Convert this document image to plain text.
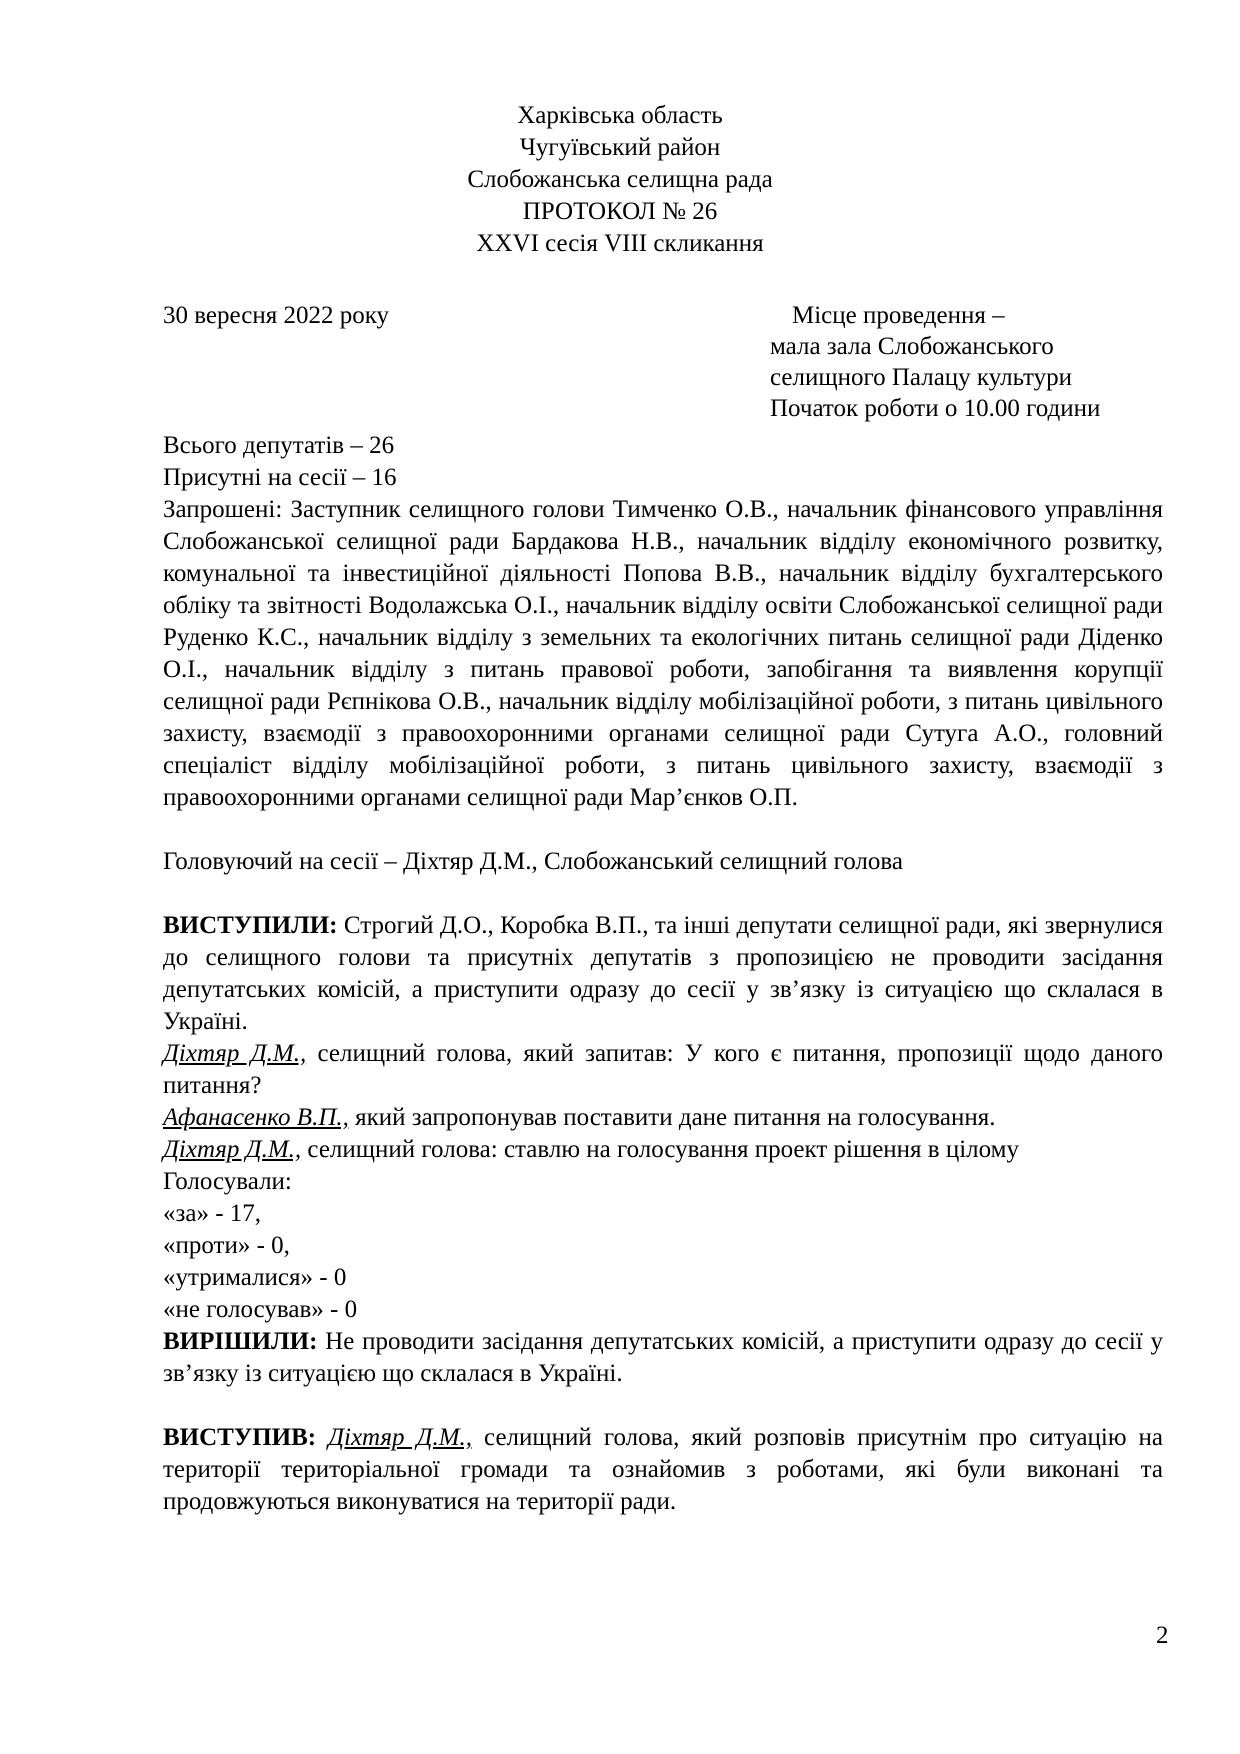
Харківська область
Чугуївський район
Слобожанська селищна рада
ПРОТОКОЛ № 26
XXVI сесія VIII скликання
30 вересня 2022 року	Місце проведення –
мала зала Слобожанського
селищного Палацу культури
Початок роботи о 10.00 години
Всього депутатів – 26
Присутні на сесії – 16

Запрошені: Заступник селищного голови Тимченко О.В., начальник фінансового управління Слобожанської селищної ради Бардакова Н.В., начальник відділу економічного розвитку, комунальної та інвестиційної діяльності Попова В.В., начальник відділу бухгалтерського обліку та звітності Водолажська О.І., начальник відділу освіти Слобожанської селищної ради Руденко К.С., начальник відділу з земельних та екологічних питань селищної ради Діденко О.І., начальник відділу з питань правової роботи, запобігання та виявлення корупції селищної ради Рєпнікова О.В., начальник відділу мобілізаційної роботи, з питань цивільного захисту, взаємодії з правоохоронними органами селищної ради Сутуга А.О., головний спеціаліст відділу мобілізаційної роботи, з питань цивільного захисту, взаємодії з правоохоронними органами селищної ради Мар’єнков О.П.

Головуючий на сесії – Діхтяр Д.М., Слобожанський селищний голова

ВИСТУПИЛИ: Строгий Д.О., Коробка В.П., та інші депутати селищної ради, які звернулися до селищного голови та присутніх депутатів з пропозицією не проводити засідання депутатських комісій, а приступити одразу до сесії у зв’язку із ситуацією що склалася в Україні.

Діхтяр Д.М., селищний голова, який запитав: У кого є питання, пропозиції щодо даного питання?

Афанасенко В.П., який запропонував поставити дане питання на голосування.

Діхтяр Д.М., селищний голова: ставлю на голосування проект рішення в цілому

Голосували:
«за» - 17,
«проти» - 0,
«утрималися» - 0
«не голосував» - 0

ВИРІШИЛИ: Не проводити засідання депутатських комісій, а приступити одразу до сесії у зв’язку із ситуацією що склалася в Україні.

ВИСТУПИВ: Діхтяр Д.М., селищний голова, який розповів присутнім про ситуацію на території територіальної громади та ознайомив з роботами, які були виконані та продовжуються виконуватися на території ради.

2
